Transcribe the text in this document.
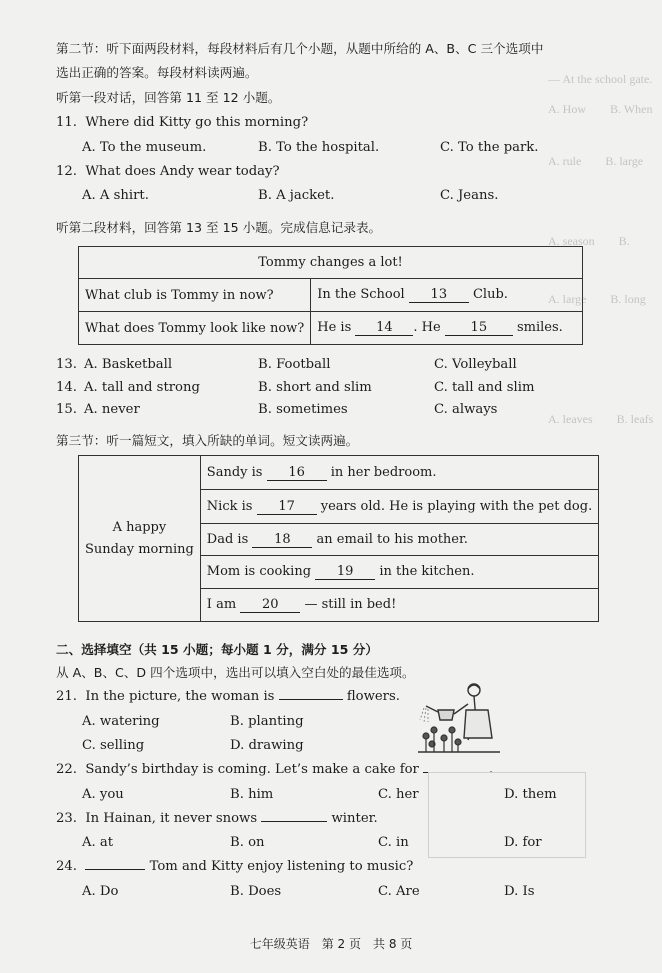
— At the school gate.
A. How　　B. When
A. rule　　B. large
A. season　　B.
A. large　　B. long
A. leaves　　B. leafs
第二节：听下面两段材料，每段材料后有几个小题，从题中所给的 A、B、C 三个选项中
选出正确的答案。每段材料读两遍。
听第一段对话，回答第 11 至 12 小题。
11. Where did Kitty go this morning?
A. To the museum.	B. To the hospital.	C. To the park.
12. What does Andy wear today?
A. A shirt.	B. A jacket.	C. Jeans.
听第二段材料，回答第 13 至 15 小题。完成信息记录表。
Tommy changes a lot!	
What club is Tommy in now?	In the School 13 Club.
What does Tommy look like now?	He is 14 . He 15 smiles.
13. A. Basketball	B. Football	C. Volleyball
14. A. tall and strong	B. short and slim	C. tall and slim
15. A. never	B. sometimes	C. always
第三节：听一篇短文，填入所缺的单词。短文读两遍。
A happy
Sunday morning
	Sandy is 16 in her bedroom.
Nick is 17 years old. He is playing with the pet dog.
Dad is 18 an email to his mother.
Mom is cooking 19 in the kitchen.
I am 20 — still in bed!
二、选择填空（共 15 小题；每小题 1 分，满分 15 分）
从 A、B、C、D 四个选项中，选出可以填入空白处的最佳选项。
21. In the picture, the woman is	flowers.
A. watering	B. planting
C. selling	D. drawing
22. Sandy’s birthday is coming. Let’s make a cake for	.
A. you	B. him	C. her	D. them
23. In Hainan, it never snows	winter.
A. at	B. on	C. in	D. for
24.	Tom and Kitty enjoy listening to music?
A. Do	B. Does	C. Are	D. Is
七年级英语　第 2 页　共 8 页
